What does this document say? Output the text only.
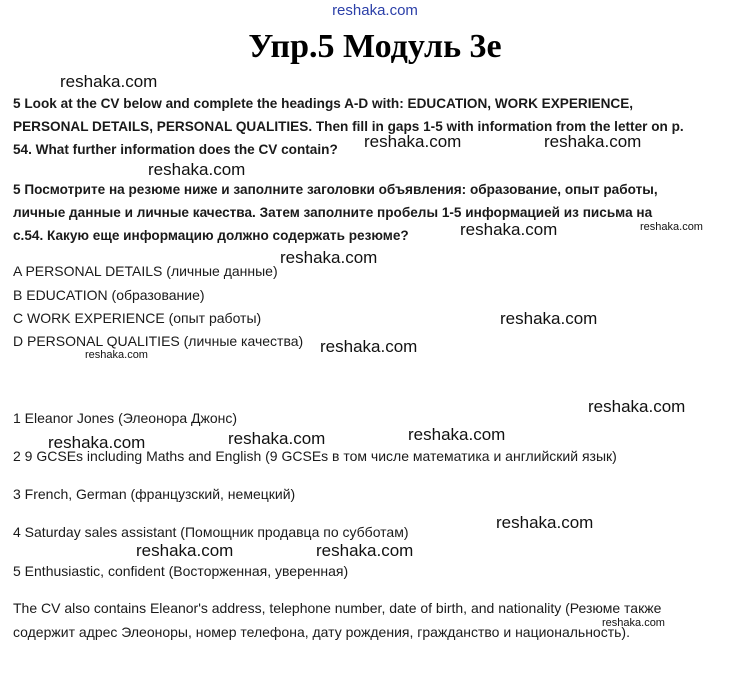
reshaka.com
Упр.5 Модуль 3е
5 Look at the CV below and complete the headings A-D with: EDUCATION, WORK EXPERIENCE,
PERSONAL DETAILS, PERSONAL QUALITIES. Then fill in gaps 1-5 with information from the letter on p.
54. What further information does the CV contain?
5 Посмотрите на резюме ниже и заполните заголовки объявления: образование, опыт работы,
личные данные и личные качества. Затем заполните пробелы 1-5 информацией из письма на
с.54. Какую еще информацию должно содержать резюме?
A PERSONAL DETAILS (личные данные)
B EDUCATION (образование)
C WORK EXPERIENCE (опыт работы)
D PERSONAL QUALITIES (личные качества)
1 Eleanor Jones (Элеонора Джонс)
2 9 GCSEs including Maths and English (9 GCSEs в том числе математика и английский язык)
3 French, German (французский, немецкий)
4 Saturday sales assistant (Помощник продавца по субботам)
5 Enthusiastic, confident (Восторженная, уверенная)
The CV also contains Eleanor's address, telephone number, date of birth, and nationality (Резюме также
содержит адрес Элеоноры, номер телефона, дату рождения, гражданство и национальность).
reshaka.com
reshaka.com	reshaka.com
reshaka.com
reshaka.com	reshaka.com
reshaka.com
reshaka.com
reshaka.com
reshaka.com
reshaka.com
reshaka.com
reshaka.com
reshaka.com
reshaka.com
reshaka.com	reshaka.com
reshaka.com
